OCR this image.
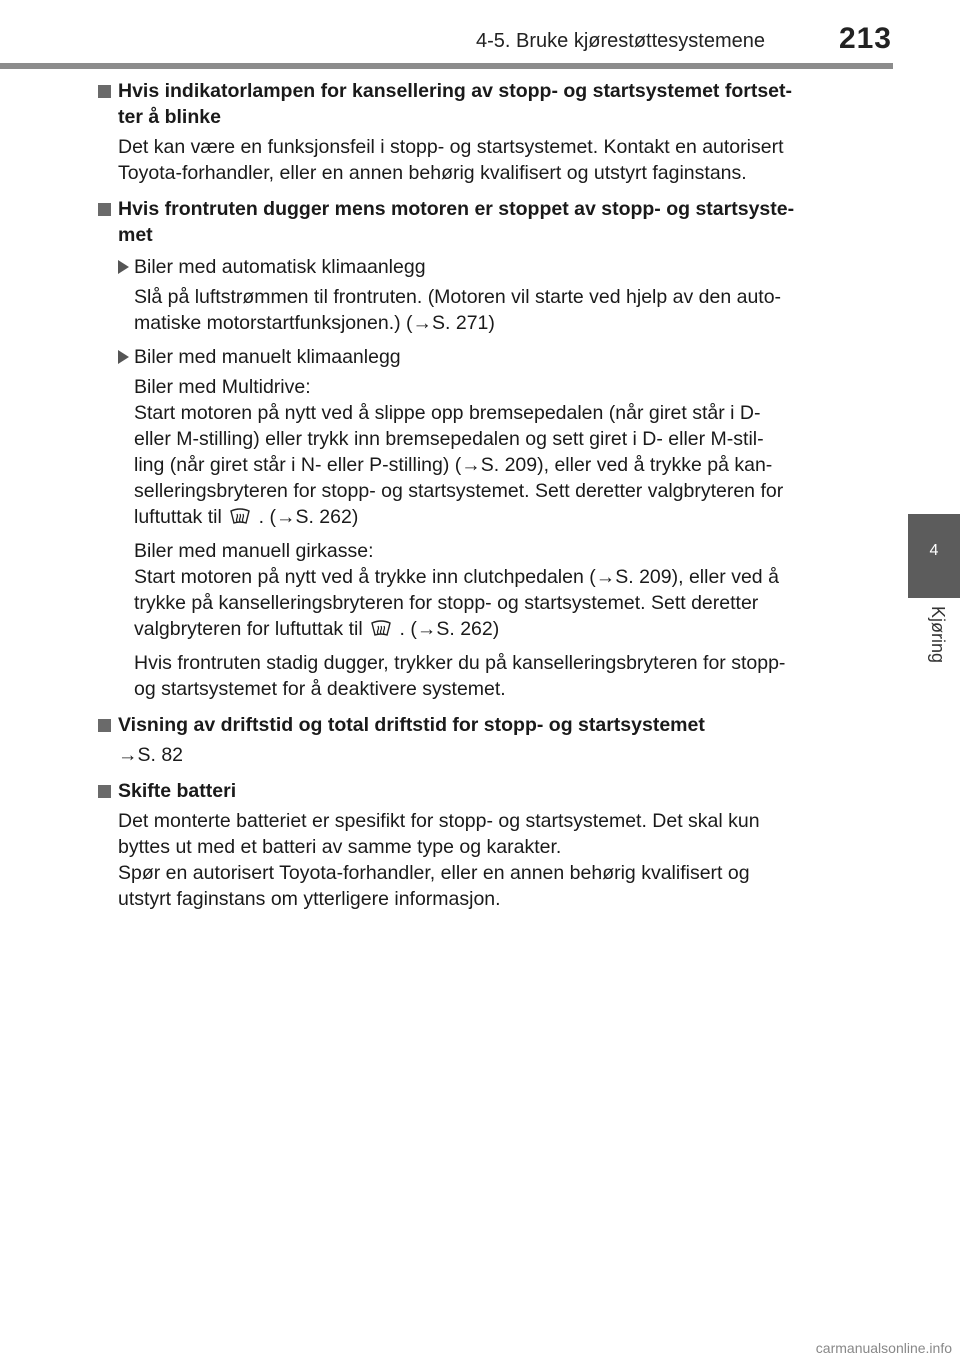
4-5. Bruke kjørestøttesystemene 213
4
Kjøring
Hvis indikatorlampen for kansellering av stopp- og startsystemet fortset-
ter å blinke
Det kan være en funksjonsfeil i stopp- og startsystemet. Kontakt en autorisert
Toyota-forhandler, eller en annen behørig kvalifisert og utstyrt faginstans.
Hvis frontruten dugger mens motoren er stoppet av stopp- og startsyste-
met
Biler med automatisk klimaanlegg
Slå på luftstrømmen til frontruten. (Motoren vil starte ved hjelp av den auto-
matiske motorstartfunksjonen.) (→S. 271)
Biler med manuelt klimaanlegg
Biler med Multidrive:
Start motoren på nytt ved å slippe opp bremsepedalen (når giret står i D-
eller M-stilling) eller trykk inn bremsepedalen og sett giret i D- eller M-stil-
ling (når giret står i N- eller P-stilling) (→S. 209), eller ved å trykke på kan-
selleringsbryteren for stopp- og startsystemet. Sett deretter valgbryteren for
luftuttak til . (→S. 262)
Biler med manuell girkasse:
Start motoren på nytt ved å trykke inn clutchpedalen (→S. 209), eller ved å
trykke på kanselleringsbryteren for stopp- og startsystemet. Sett deretter
valgbryteren for luftuttak til . (→S. 262)
Hvis frontruten stadig dugger, trykker du på kanselleringsbryteren for stopp-
og startsystemet for å deaktivere systemet.
Visning av driftstid og total driftstid for stopp- og startsystemet
→S. 82
Skifte batteri
Det monterte batteriet er spesifikt for stopp- og startsystemet. Det skal kun
byttes ut med et batteri av samme type og karakter.
Spør en autorisert Toyota-forhandler, eller en annen behørig kvalifisert og
utstyrt faginstans om ytterligere informasjon.
carmanualsonline.info
